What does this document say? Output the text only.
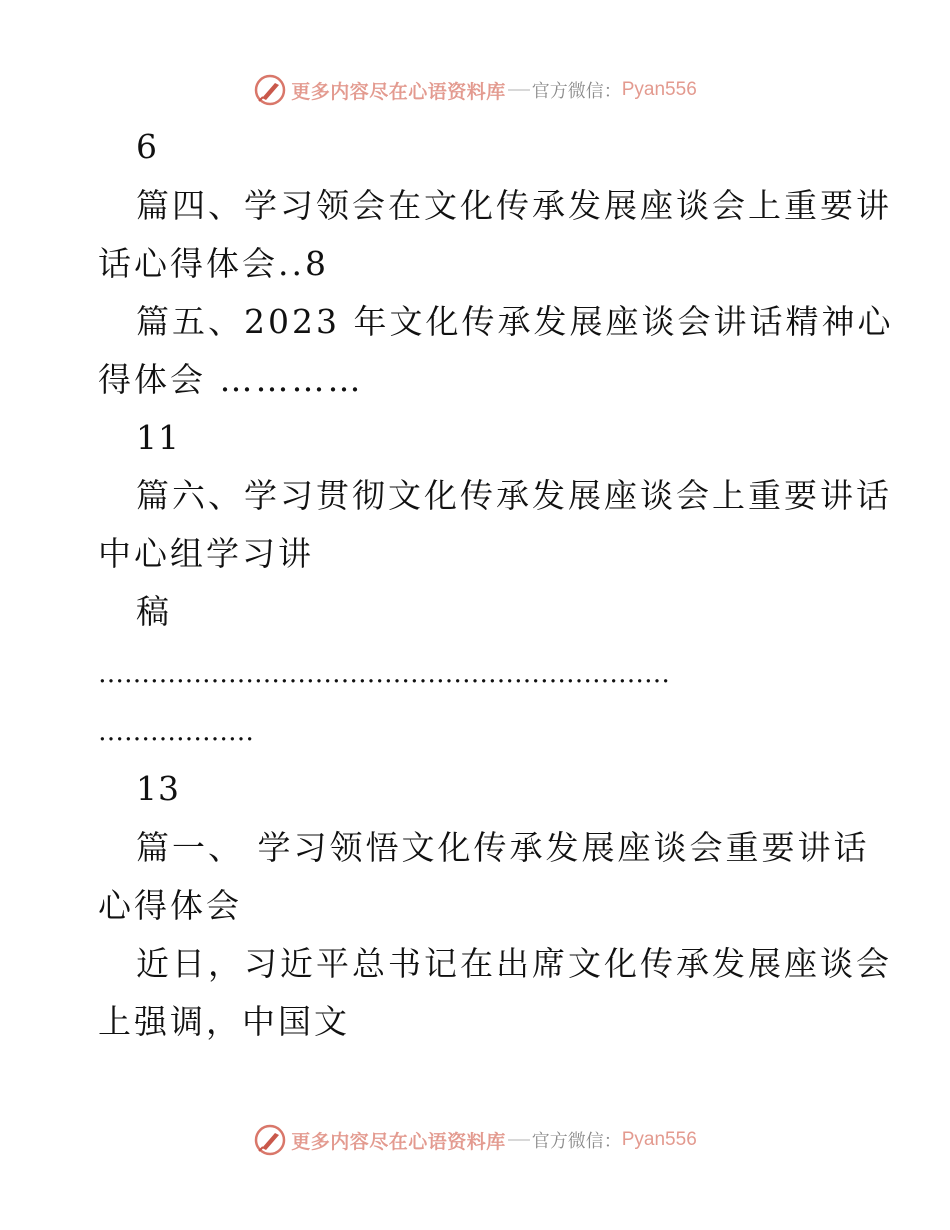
更多内容尽在心语资料库 官方微信： Pyan556

6

篇四、学习领会在文化传承发展座谈会上重要讲

话心得体会..8

篇五、2023 年文化传承发展座谈会讲话精神心

得体会 …………

11

篇六、学习贯彻文化传承发展座谈会上重要讲话

中心组学习讲

稿

…………………………………………………………

………………

13

篇一、 学习领悟文化传承发展座谈会重要讲话

心得体会

近日，习近平总书记在出席文化传承发展座谈会

上强调，中国文

更多内容尽在心语资料库 官方微信： Pyan556
